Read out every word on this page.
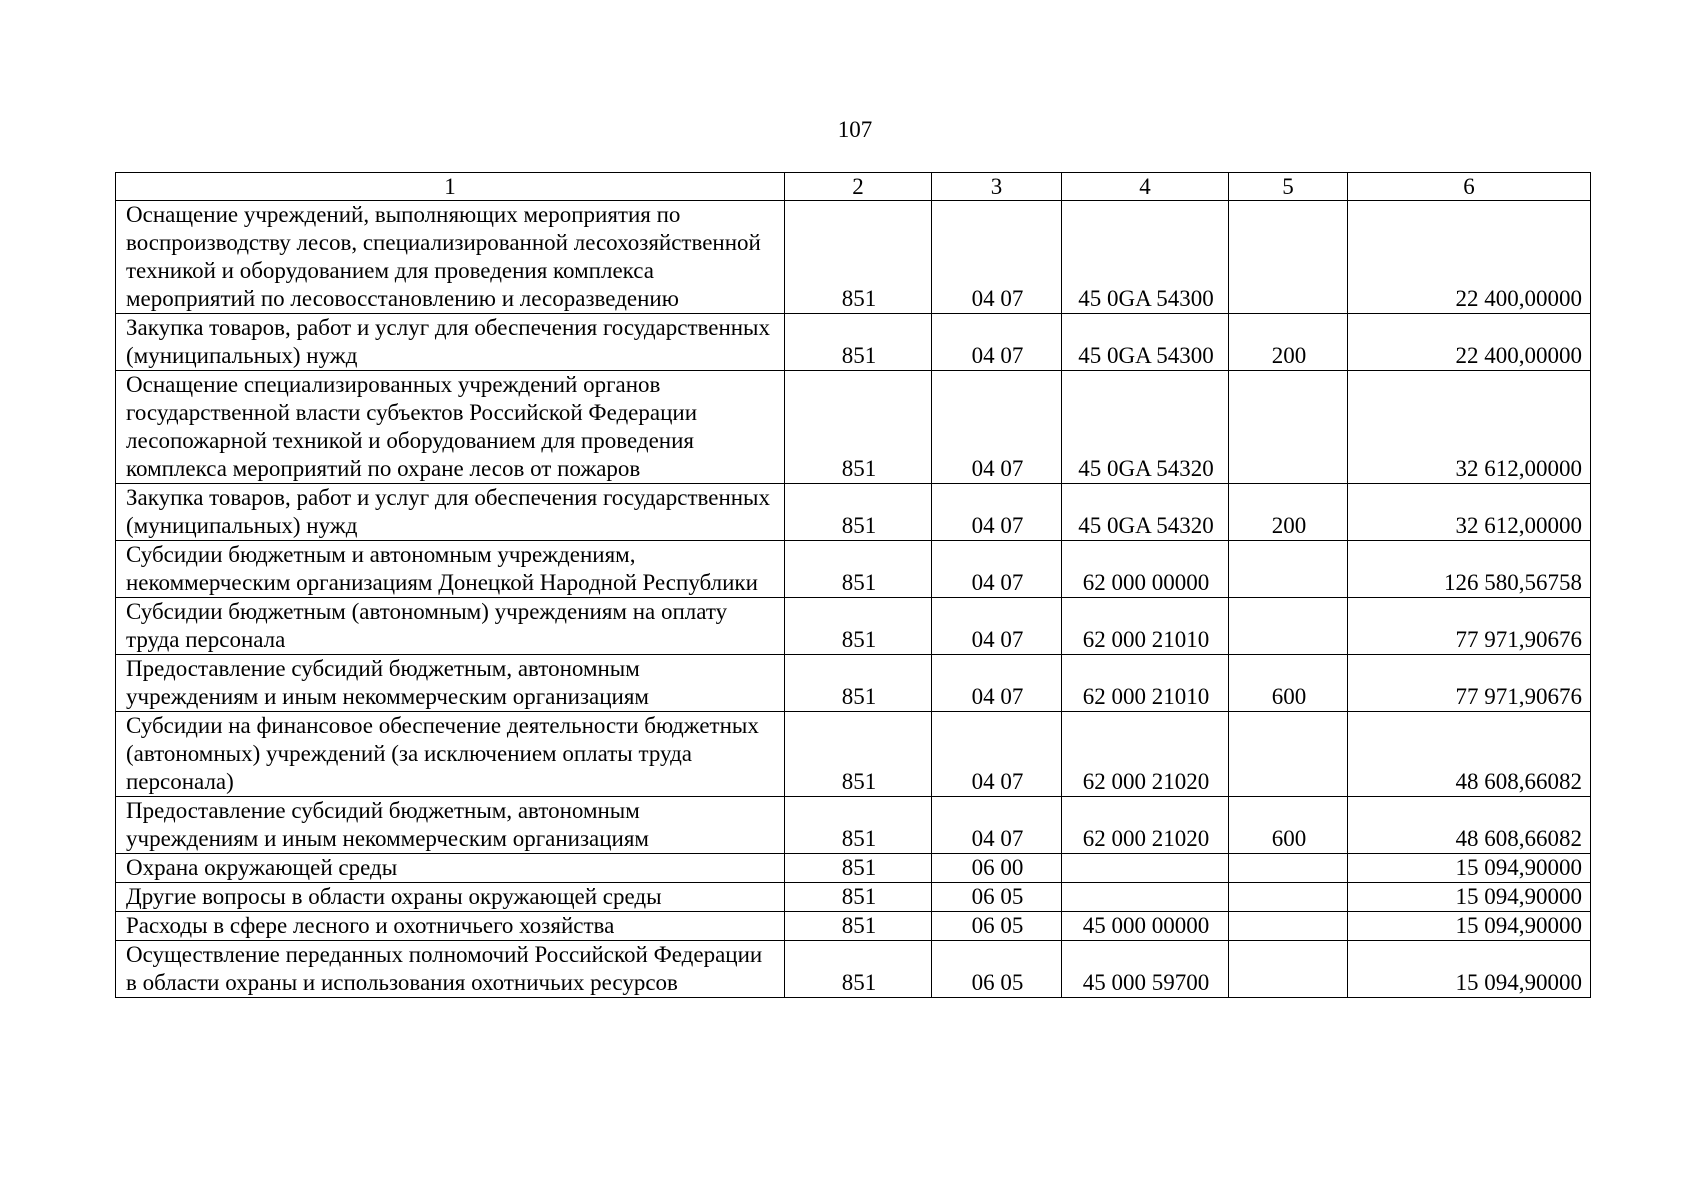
107
1	2	3	4	5	6
Оснащение учреждений, выполняющих мероприятия по воспроизводству лесов, специализированной лесохозяйственной техникой и оборудованием для проведения комплекса мероприятий по лесовосстановлению и лесоразведению	851	04 07	45 0GA 54300		22 400,00000
Закупка товаров, работ и услуг для обеспечения государственных (муниципальных) нужд	851	04 07	45 0GA 54300	200	22 400,00000
Оснащение специализированных учреждений органов государственной власти субъектов Российской Федерации лесопожарной техникой и оборудованием для проведения комплекса мероприятий по охране лесов от пожаров	851	04 07	45 0GA 54320		32 612,00000
Закупка товаров, работ и услуг для обеспечения государственных (муниципальных) нужд	851	04 07	45 0GA 54320	200	32 612,00000
Субсидии бюджетным и автономным учреждениям, некоммерческим организациям Донецкой Народной Республики	851	04 07	62 000 00000		126 580,56758
Субсидии бюджетным (автономным) учреждениям на оплату труда персонала	851	04 07	62 000 21010		77 971,90676
Предоставление субсидий бюджетным, автономным учреждениям и иным некоммерческим организациям	851	04 07	62 000 21010	600	77 971,90676
Субсидии на финансовое обеспечение деятельности бюджетных (автономных) учреждений (за исключением оплаты труда персонала)	851	04 07	62 000 21020		48 608,66082
Предоставление субсидий бюджетным, автономным учреждениям и иным некоммерческим организациям	851	04 07	62 000 21020	600	48 608,66082
Охрана окружающей среды	851	06 00			15 094,90000
Другие вопросы в области охраны окружающей среды	851	06 05			15 094,90000
Расходы в сфере лесного и охотничьего хозяйства	851	06 05	45 000 00000		15 094,90000
Осуществление переданных полномочий Российской Федерации в области охраны и использования охотничьих ресурсов	851	06 05	45 000 59700		15 094,90000
